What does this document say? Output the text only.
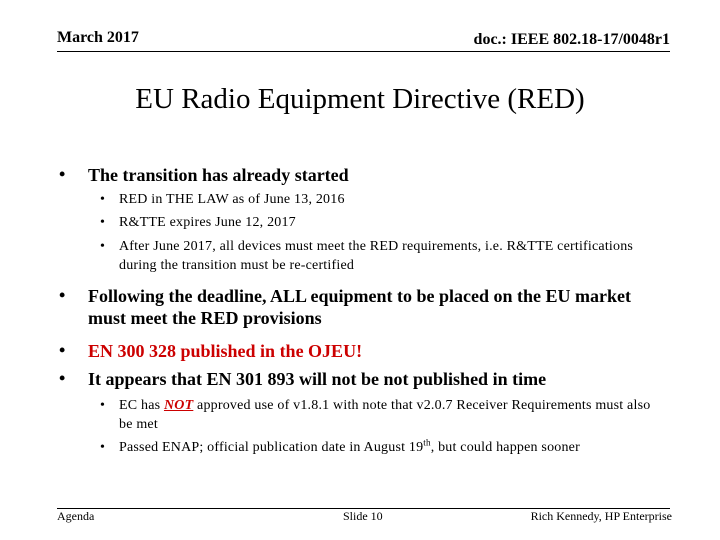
March 2017	doc.: IEEE 802.18-17/0048r1
EU Radio Equipment Directive (RED)
• The transition has already started
• RED in THE LAW as of June 13, 2016
• R&TTE expires June 12, 2017
• After June 2017, all devices must meet the RED requirements, i.e. R&TTE certifications during the transition must be re-certified
• Following the deadline, ALL equipment to be placed on the EU market must meet the RED provisions
• EN 300 328 published in the OJEU!
• It appears that EN 301 893 will not be not published in time
• EC has NOT approved use of v1.8.1 with note that v2.0.7 Receiver Requirements must also be met
• Passed ENAP; official publication date in August 19th, but could happen sooner
Agenda	Slide 10	Rich Kennedy, HP Enterprise
